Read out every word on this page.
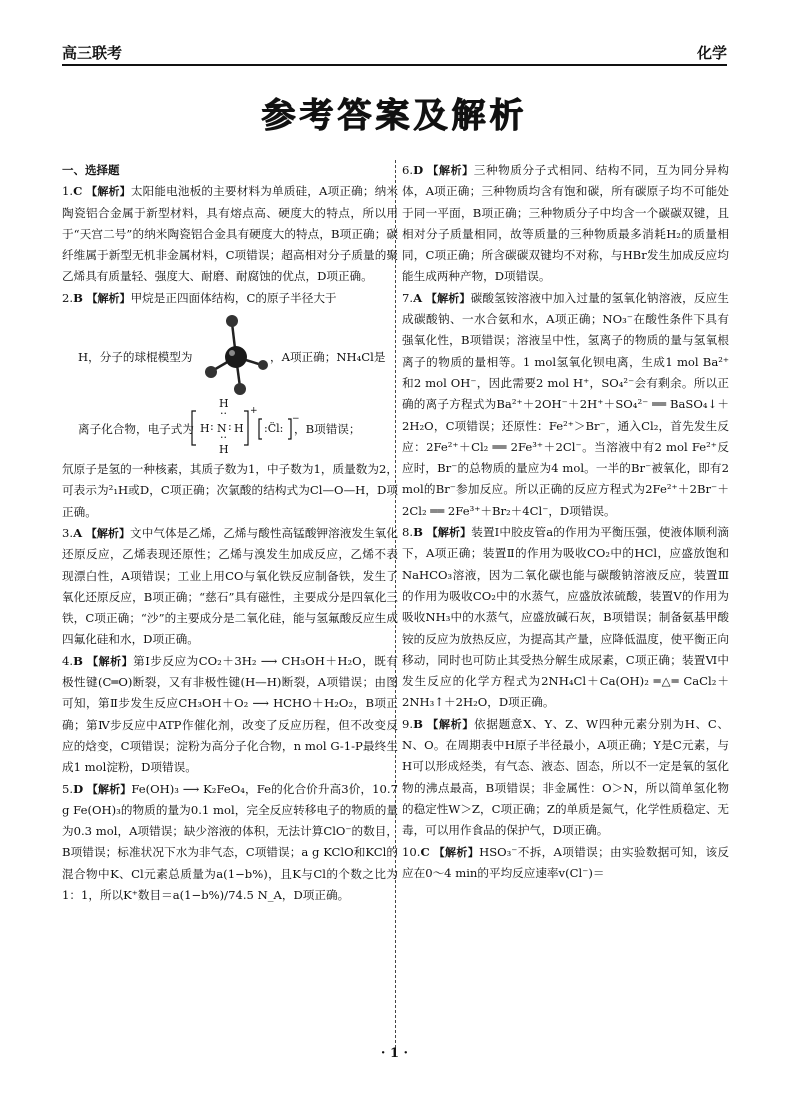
高三联考	化学
参考答案及解析
一、选择题

1.C 【解析】太阳能电池板的主要材料为单质硅，A项正确；纳米陶瓷铝合金属于新型材料，具有熔点高、硬度大的特点，所以用于“天宫二号”的纳米陶瓷铝合金具有硬度大的特点，B项正确；碳纤维属于新型无机非金属材料，C项错误；超高相对分子质量的聚乙烯具有质量轻、强度大、耐磨、耐腐蚀的优点，D项正确。

2.B 【解析】甲烷是正四面体结构，C的原子半径大于
H，分子的球棍模型为	，A项正确；NH₄Cl是
离子化合物，电子式为
H
··
H : N : H
··
H
+
:C̈l:
−
，B项错误；
氘原子是氢的一种核素，其质子数为1，中子数为1，质量数为2，可表示为²₁H或D，C项正确；次氯酸的结构式为Cl—O—H，D项正确。

3.A 【解析】文中气体是乙烯，乙烯与酸性高锰酸钾溶液发生氧化还原反应，乙烯表现还原性；乙烯与溴发生加成反应，乙烯不表现漂白性，A项错误；工业上用CO与氧化铁反应制备铁，发生了氧化还原反应，B项正确；“慈石”具有磁性，主要成分是四氧化三铁，C项正确；“沙”的主要成分是二氧化硅，能与氢氟酸反应生成四氟化硅和水，D项正确。

4.B 【解析】第Ⅰ步反应为CO₂＋3H₂ ⟶ CH₃OH＋H₂O，既有极性键(C═O)断裂，又有非极性键(H—H)断裂，A项错误；由图可知，第Ⅱ步发生反应CH₃OH＋O₂ ⟶ HCHO＋H₂O₂，B项正确；第Ⅳ步反应中ATP作催化剂，改变了反应历程，但不改变反应的焓变，C项错误；淀粉为高分子化合物，n mol G-1-P最终生成1 mol淀粉，D项错误。

5.D 【解析】Fe(OH)₃ ⟶ K₂FeO₄，Fe的化合价升高3价，10.7 g Fe(OH)₃的物质的量为0.1 mol，完全反应转移电子的物质的量为0.3 mol，A项错误；缺少溶液的体积，无法计算ClO⁻的数目，B项错误；标准状况下水为非气态，C项错误；a g KClO和KCl的混合物中K、Cl元素总质量为a(1−b%)，且K与Cl的个数之比为1：1，所以K⁺数目＝a(1−b%)/74.5 N_A，D项正确。

6.D 【解析】三种物质分子式相同、结构不同，互为同分异构体，A项正确；三种物质均含有饱和碳，所有碳原子均不可能处于同一平面，B项正确；三种物质分子中均含一个碳碳双键，且相对分子质量相同，故等质量的三种物质最多消耗H₂的质量相同，C项正确；所含碳碳双键均不对称，与HBr发生加成反应均能生成两种产物，D项错误。

7.A 【解析】碳酸氢铵溶液中加入过量的氢氧化钠溶液，反应生成碳酸钠、一水合氨和水，A项正确；NO₃⁻在酸性条件下具有强氧化性，B项错误；溶液呈中性，氢离子的物质的量与氢氧根离子的物质的量相等。1 mol氢氧化钡电离，生成1 mol Ba²⁺和2 mol OH⁻，因此需要2 mol H⁺，SO₄²⁻会有剩余。所以正确的离子方程式为Ba²⁺＋2OH⁻＋2H⁺＋SO₄²⁻ ══ BaSO₄↓＋2H₂O，C项错误；还原性：Fe²⁺＞Br⁻，通入Cl₂，首先发生反应：2Fe²⁺＋Cl₂ ══ 2Fe³⁺＋2Cl⁻。当溶液中有2 mol Fe²⁺反应时，Br⁻的总物质的量应为4 mol。一半的Br⁻被氧化，即有2 mol的Br⁻参加反应。所以正确的反应方程式为2Fe²⁺＋2Br⁻＋2Cl₂ ══ 2Fe³⁺＋Br₂＋4Cl⁻，D项错误。

8.B 【解析】装置Ⅰ中胶皮管a的作用为平衡压强，使液体顺利滴下，A项正确；装置Ⅱ的作用为吸收CO₂中的HCl，应盛放饱和NaHCO₃溶液，因为二氧化碳也能与碳酸钠溶液反应，装置Ⅲ的作用为吸收CO₂中的水蒸气，应盛放浓硫酸，装置Ⅴ的作用为吸收NH₃中的水蒸气，应盛放碱石灰，B项错误；制备氨基甲酸铵的反应为放热反应，为提高其产量，应降低温度，使平衡正向移动，同时也可防止其受热分解生成尿素，C项正确；装置Ⅵ中发生反应的化学方程式为2NH₄Cl＋Ca(OH)₂ ═△═ CaCl₂＋2NH₃↑＋2H₂O，D项正确。

9.B 【解析】依据题意X、Y、Z、W四种元素分别为H、C、N、O。在周期表中H原子半径最小，A项正确；Y是C元素，与H可以形成烃类，有气态、液态、固态，所以不一定是氧的氢化物的沸点最高，B项错误；非金属性：O＞N，所以简单氢化物的稳定性W＞Z，C项正确；Z的单质是氮气，化学性质稳定、无毒，可以用作食品的保护气，D项正确。

10.C 【解析】HSO₃⁻不拆，A项错误；由实验数据可知，该反应在0～4 min的平均反应速率v(Cl⁻)＝

· 1 ·
